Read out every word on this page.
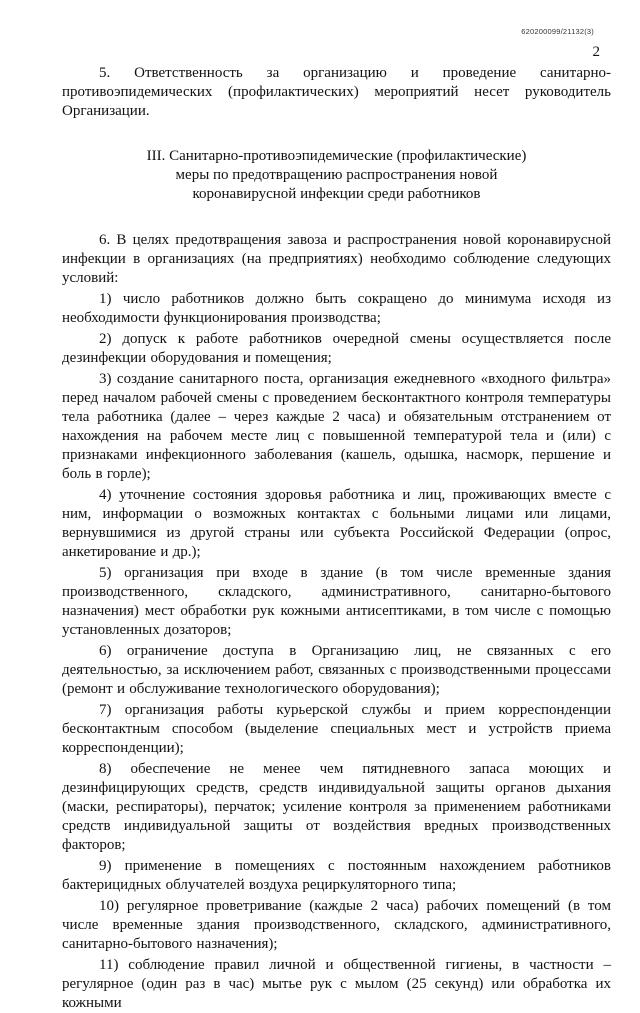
620200099/21132(3)
2

5. Ответственность за организацию и проведение санитарно-противоэпидемических (профилактических) мероприятий несет руководитель Организации.

III. Санитарно-противоэпидемические (профилактические)

меры по предотвращению распространения новой

коронавирусной инфекции среди работников

6. В целях предотвращения завоза и распространения новой коронавирусной инфекции в организациях (на предприятиях) необходимо соблюдение следующих условий:

1) число работников должно быть сокращено до минимума исходя из необходимости функционирования производства;

2) допуск к работе работников очередной смены осуществляется после дезинфекции оборудования и помещения;

3) создание санитарного поста, организация ежедневного «входного фильтра» перед началом рабочей смены с проведением бесконтактного контроля температуры тела работника (далее – через каждые 2 часа) и обязательным отстранением от нахождения на рабочем месте лиц с повышенной температурой тела и (или) с признаками инфекционного заболевания (кашель, одышка, насморк, першение и боль в горле);

4) уточнение состояния здоровья работника и лиц, проживающих вместе с ним, информации о возможных контактах с больными лицами или лицами, вернувшимися из другой страны или субъекта Российской Федерации (опрос, анкетирование и др.);

5) организация при входе в здание (в том числе временные здания производственного, складского, административного, санитарно-бытового назначения) мест обработки рук кожными антисептиками, в том числе с помощью установленных дозаторов;

6) ограничение доступа в Организацию лиц, не связанных с его деятельностью, за исключением работ, связанных с производственными процессами (ремонт и обслуживание технологического оборудования);

7) организация работы курьерской службы и прием корреспонденции бесконтактным способом (выделение специальных мест и устройств приема корреспонденции);

8) обеспечение не менее чем пятидневного запаса моющих и дезинфицирующих средств, средств индивидуальной защиты органов дыхания (маски, респираторы), перчаток; усиление контроля за применением работниками средств индивидуальной защиты от воздействия вредных производственных факторов;

9) применение в помещениях с постоянным нахождением работников бактерицидных облучателей воздуха рециркуляторного типа;

10) регулярное проветривание (каждые 2 часа) рабочих помещений (в том числе временные здания производственного, складского, административного, санитарно-бытового назначения);

11) соблюдение правил личной и общественной гигиены, в частности – регулярное (один раз в час) мытье рук с мылом (25 секунд) или обработка их кожными
